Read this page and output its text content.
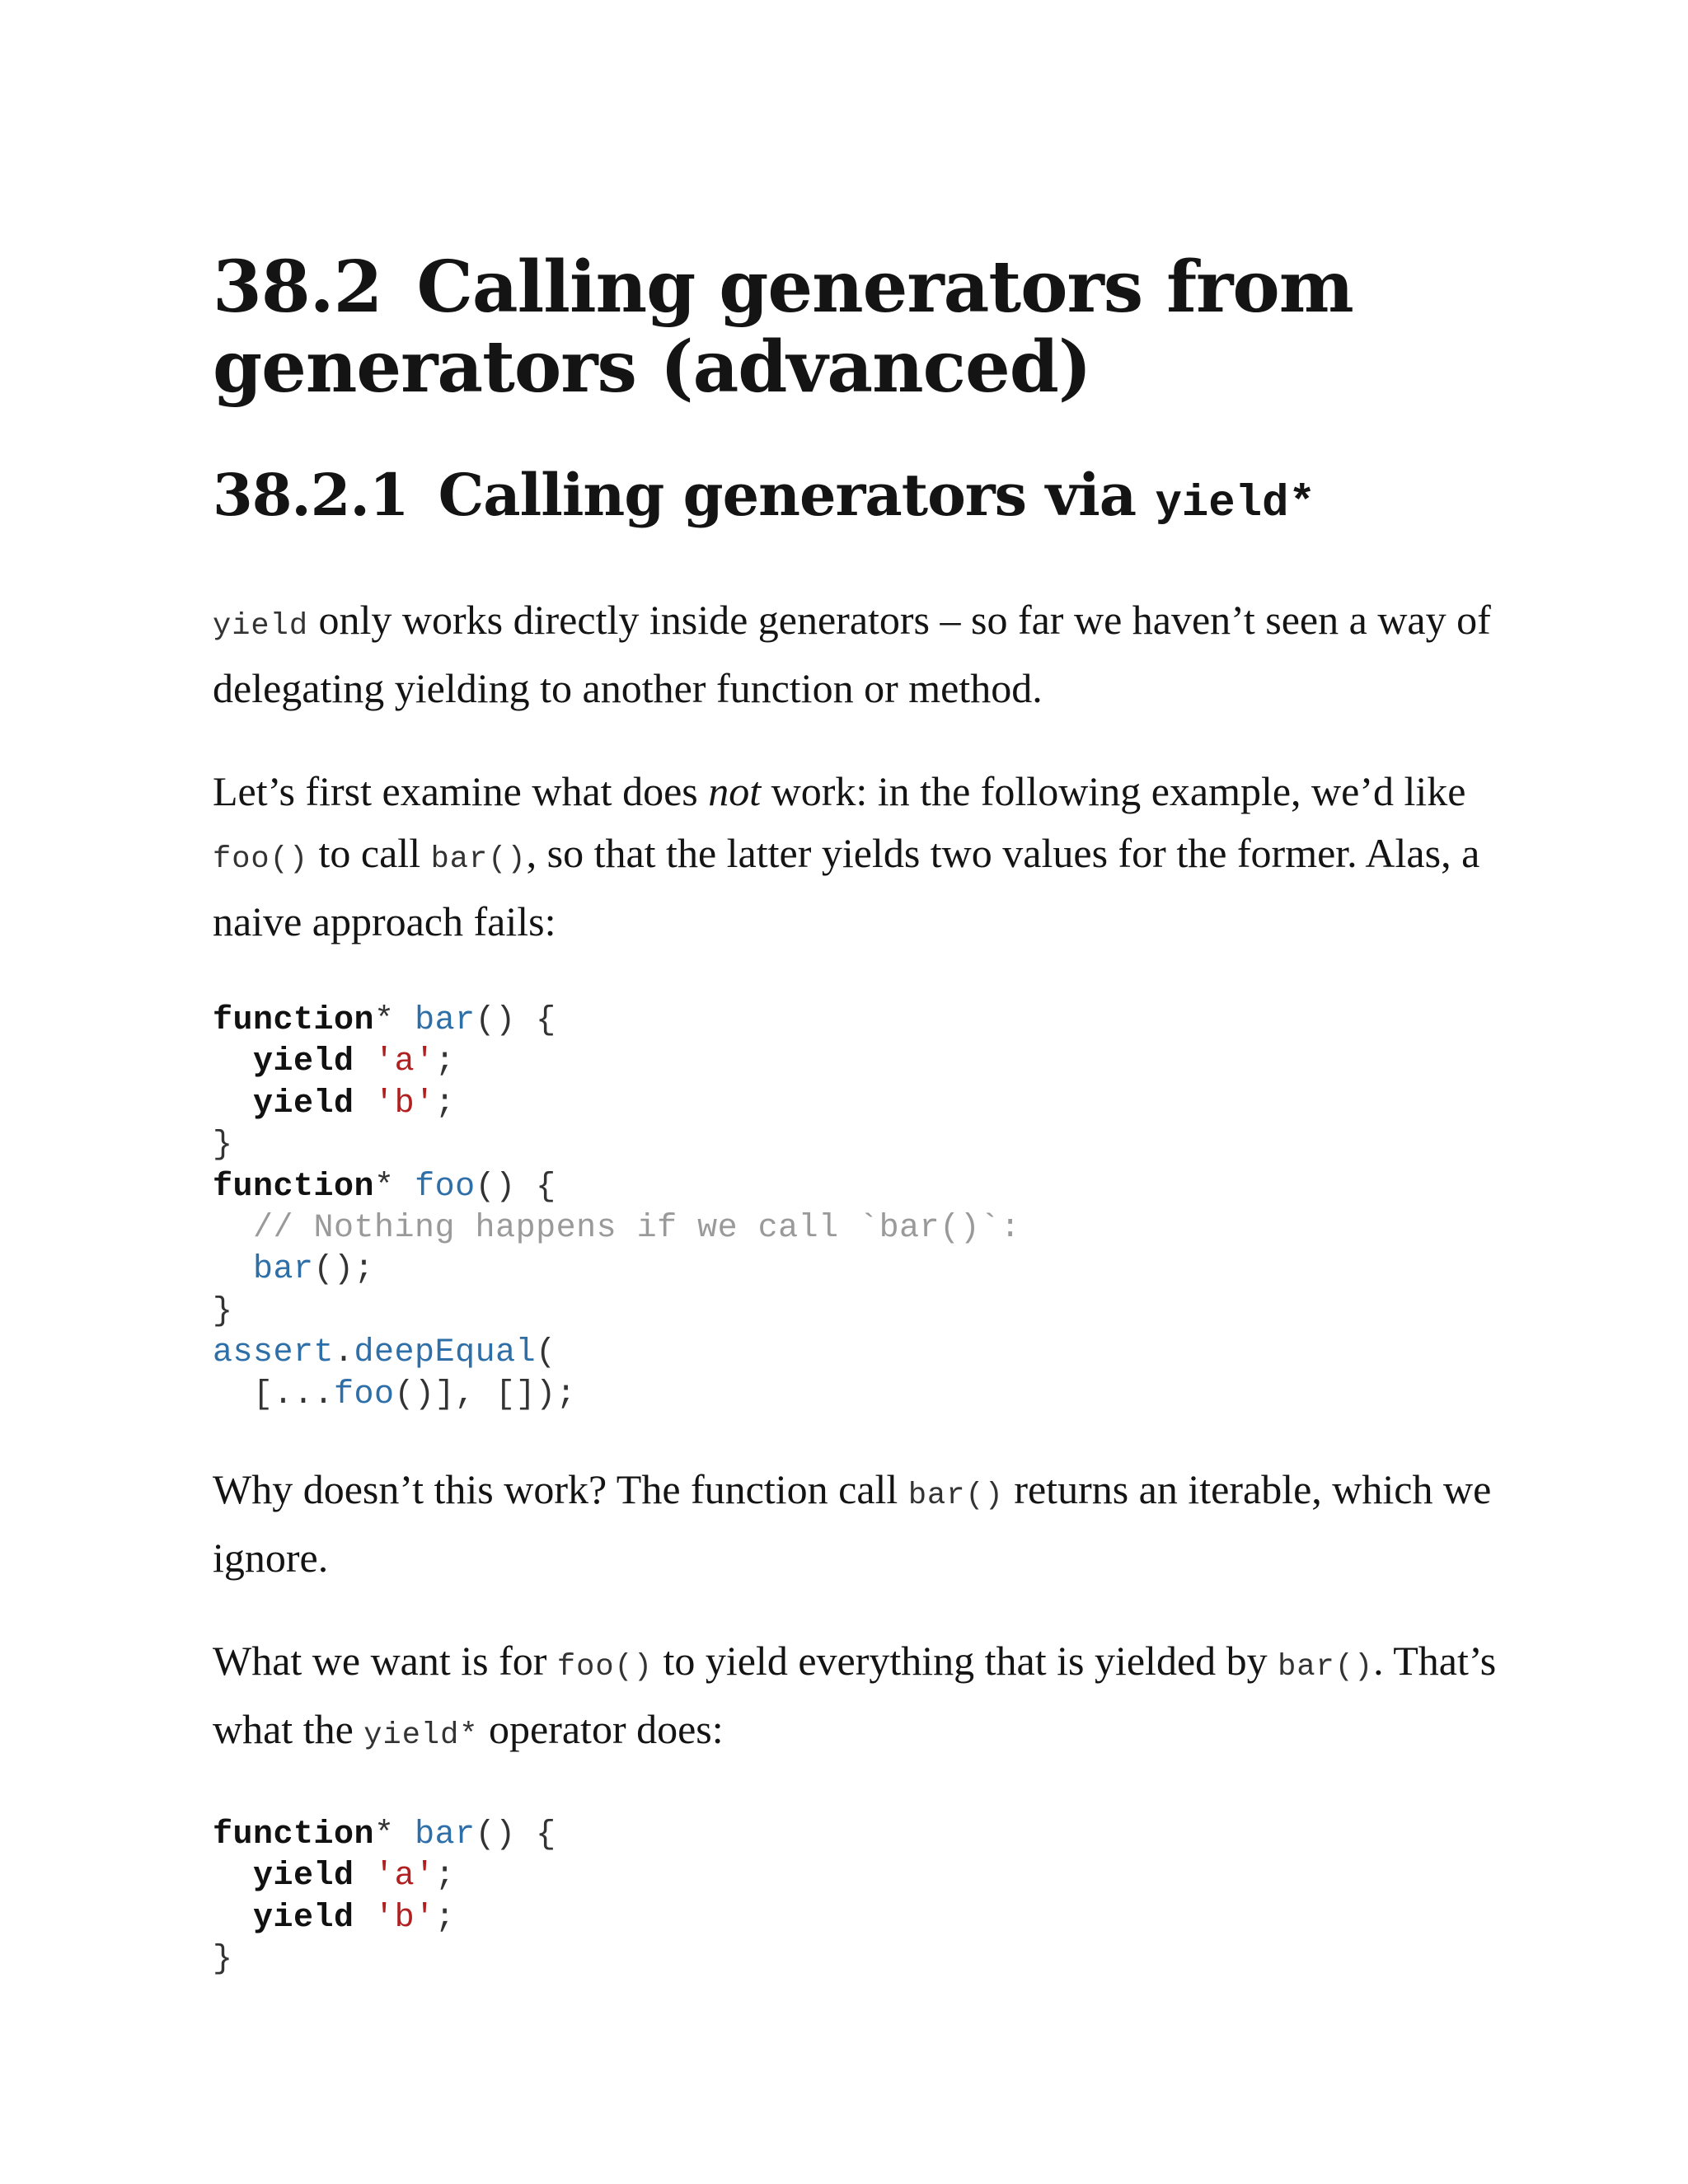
38.2 Calling generators from
generators (advanced)
38.2.1 Calling generators via yield*

yield only works directly inside generators – so far we haven’t seen a way of delegating yielding to another function or method.

Let’s first examine what does not work: in the following example, we’d like foo() to call bar(), so that the latter yields two values for the former. Alas, a naive approach fails:

function* bar() {
yield 'a';
yield 'b';
}
function* foo() {
// Nothing happens if we call `bar()`:
bar();
}
assert.deepEqual(
[...foo()], []);

Why doesn’t this work? The function call bar() returns an iterable, which we ignore.

What we want is for foo() to yield everything that is yielded by bar(). That’s what the yield* operator does:

function* bar() {
yield 'a';
yield 'b';
}
